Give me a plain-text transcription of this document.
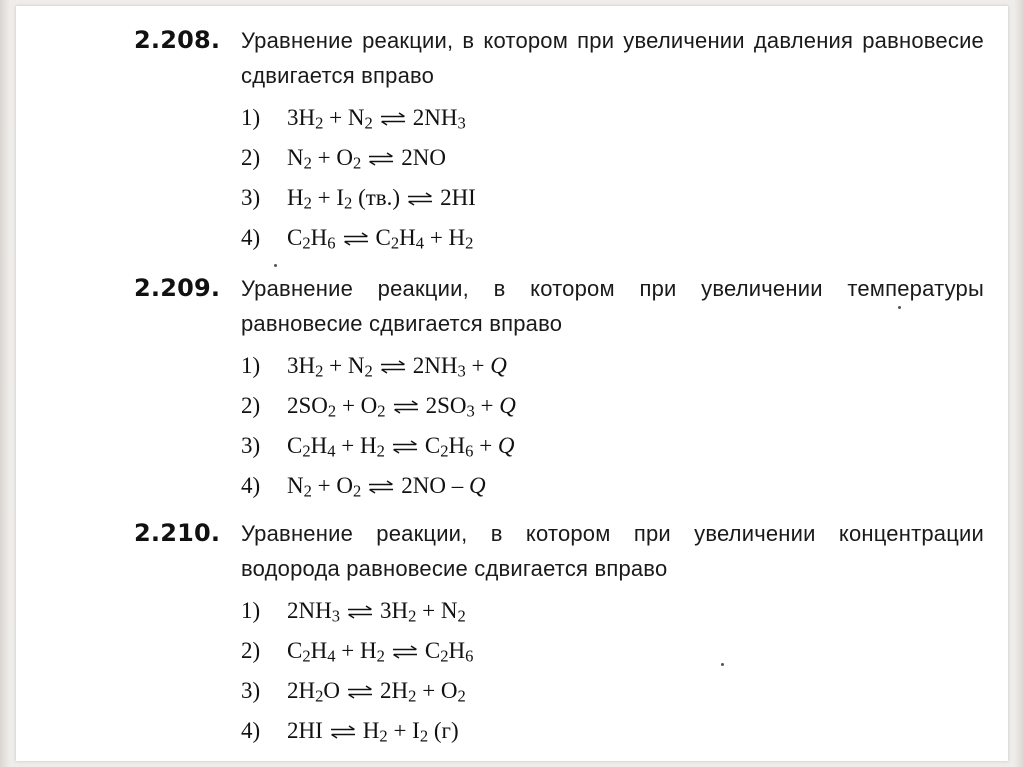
2.208. Уравнение реакции, в котором при увеличении давления равновесие сдвигается вправо
1) $3H_2 + N_2$ ⇌ $2NH_3$
2) $N_2 + O_2$ ⇌ 2NO
3) $H_2 + I_2$ (тв.) ⇌ 2HI
4) $C_2H_6$ ⇌ $C_2H_4 + H_2$
2.209. Уравнение реакции, в котором при увеличении температуры равновесие сдвигается вправо
1) $3H_2 + N_2$ ⇌ $2NH_3 + Q$
2) $2SO_2 + O_2$ ⇌ $2SO_3 + Q$
3) $C_2H_4 + H_2$ ⇌ $C_2H_6 + Q$
4) $N_2 + O_2$ ⇌ 2NO – Q
2.210. Уравнение реакции, в котором при увеличении концентрации водорода равновесие сдвигается вправо
1) $2NH_3$ ⇌ $3H_2 + N_2$
2) $C_2H_4 + H_2$ ⇌ $C_2H_6$
3) $2H_2O$ ⇌ $2H_2 + O_2$
4) 2HI ⇌ $H_2 + I_2$ (г)
